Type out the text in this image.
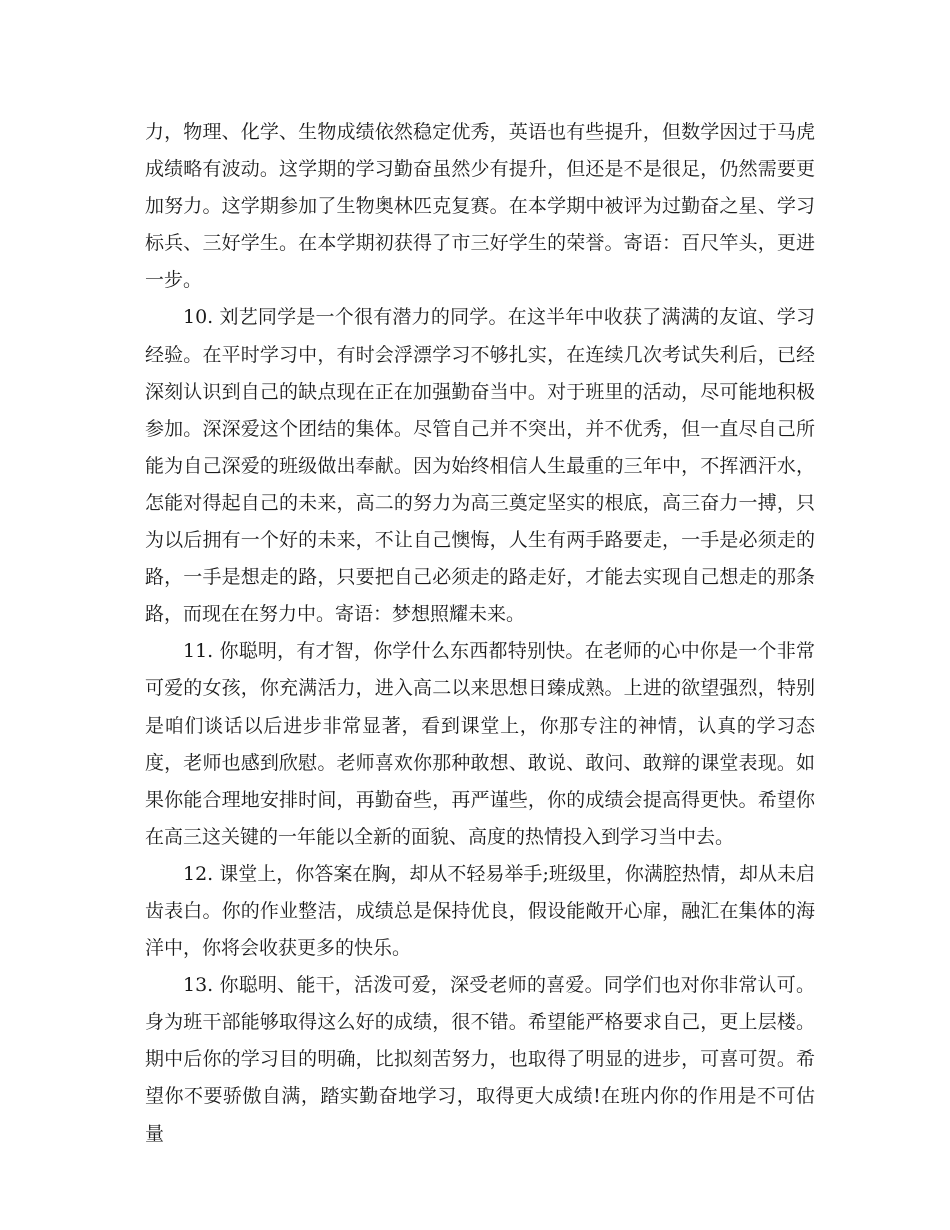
力，物理、化学、生物成绩依然稳定优秀，英语也有些提升，但数学因过于马虎成绩略有波动。这学期的学习勤奋虽然少有提升，但还是不是很足，仍然需要更加努力。这学期参加了生物奥林匹克复赛。在本学期中被评为过勤奋之星、学习标兵、三好学生。在本学期初获得了市三好学生的荣誉。寄语：百尺竿头，更进一步。

10. 刘艺同学是一个很有潜力的同学。在这半年中收获了满满的友谊、学习经验。在平时学习中，有时会浮漂学习不够扎实，在连续几次考试失利后，已经深刻认识到自己的缺点现在正在加强勤奋当中。对于班里的活动，尽可能地积极参加。深深爱这个团结的集体。尽管自己并不突出，并不优秀，但一直尽自己所能为自己深爱的班级做出奉献。因为始终相信人生最重的三年中，不挥洒汗水，怎能对得起自己的未来，高二的努力为高三奠定坚实的根底，高三奋力一搏，只为以后拥有一个好的未来，不让自己懊悔，人生有两手路要走，一手是必须走的路，一手是想走的路，只要把自己必须走的路走好，才能去实现自己想走的那条路，而现在在努力中。寄语：梦想照耀未来。

11. 你聪明，有才智，你学什么东西都特别快。在老师的心中你是一个非常可爱的女孩，你充满活力，进入高二以来思想日臻成熟。上进的欲望强烈，特别是咱们谈话以后进步非常显著，看到课堂上，你那专注的神情，认真的学习态度，老师也感到欣慰。老师喜欢你那种敢想、敢说、敢问、敢辩的课堂表现。如果你能合理地安排时间，再勤奋些，再严谨些，你的成绩会提高得更快。希望你在高三这关键的一年能以全新的面貌、高度的热情投入到学习当中去。

12. 课堂上，你答案在胸，却从不轻易举手;班级里，你满腔热情，却从未启齿表白。你的作业整洁，成绩总是保持优良，假设能敞开心扉，融汇在集体的海洋中，你将会收获更多的快乐。

13. 你聪明、能干，活泼可爱，深受老师的喜爱。同学们也对你非常认可。身为班干部能够取得这么好的成绩，很不错。希望能严格要求自己，更上层楼。期中后你的学习目的明确，比拟刻苦努力，也取得了明显的进步，可喜可贺。希望你不要骄傲自满，踏实勤奋地学习，取得更大成绩!在班内你的作用是不可估量
